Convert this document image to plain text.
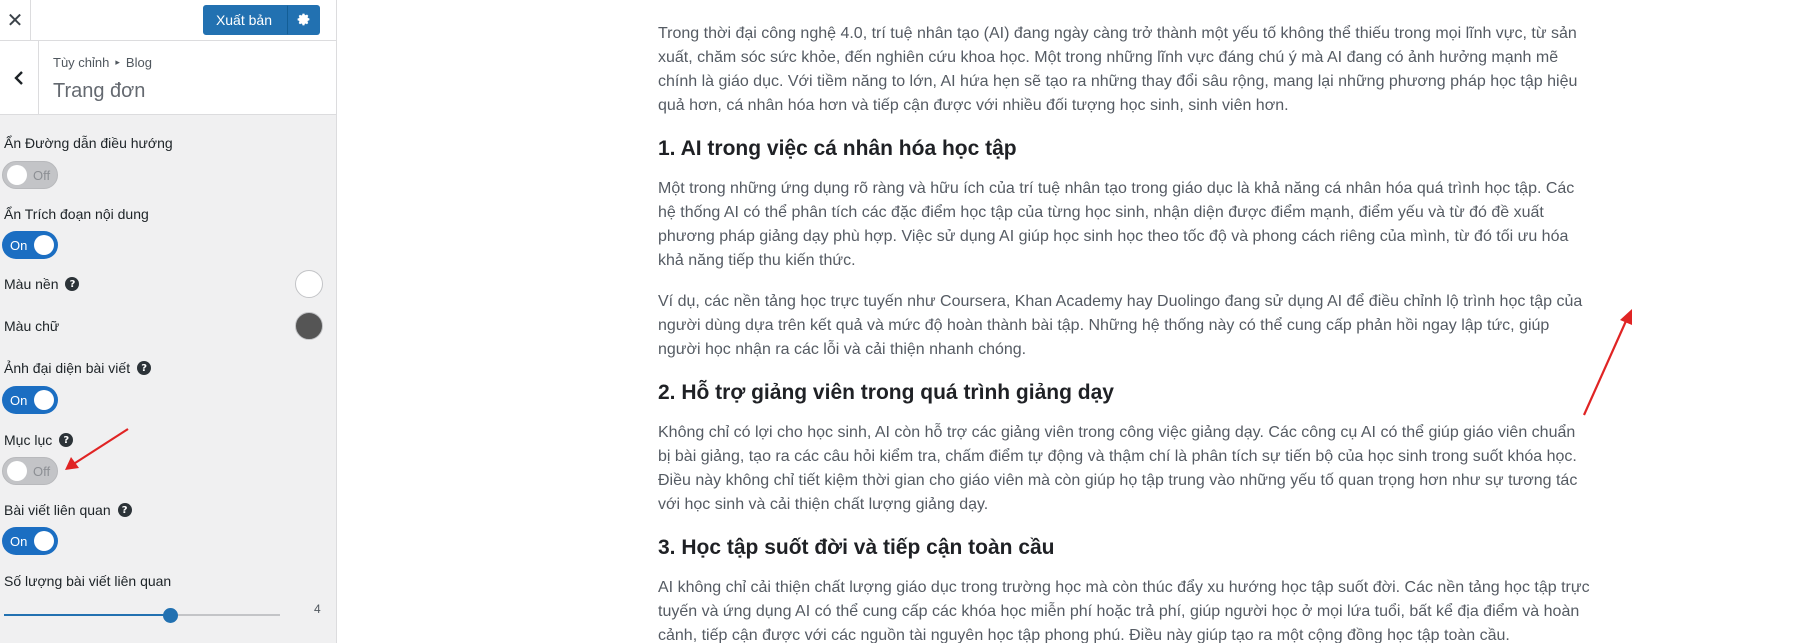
✕	Xuất bản
Tùy chỉnh ▸ Blog
Trang đơn
Ẩn Đường dẫn điều hướng
Off
Ẩn Trích đoạn nội dung
On
Màu nền	?
Màu chữ
Ảnh đại diện bài viết	?
On
Mục lục	?
Off
Bài viết liên quan	?
On
Số lượng bài viết liên quan
4

Trong thời đại công nghệ 4.0, trí tuệ nhân tạo (AI) đang ngày càng trở thành một yếu tố không thể thiếu trong mọi lĩnh vực, từ sản xuất, chăm sóc sức khỏe, đến nghiên cứu khoa học. Một trong những lĩnh vực đáng chú ý mà AI đang có ảnh hưởng mạnh mẽ chính là giáo dục. Với tiềm năng to lớn, AI hứa hẹn sẽ tạo ra những thay đổi sâu rộng, mang lại những phương pháp học tập hiệu quả hơn, cá nhân hóa hơn và tiếp cận được với nhiều đối tượng học sinh, sinh viên hơn.

1. AI trong việc cá nhân hóa học tập

Một trong những ứng dụng rõ ràng và hữu ích của trí tuệ nhân tạo trong giáo dục là khả năng cá nhân hóa quá trình học tập. Các hệ thống AI có thể phân tích các đặc điểm học tập của từng học sinh, nhận diện được điểm mạnh, điểm yếu và từ đó đề xuất phương pháp giảng dạy phù hợp. Việc sử dụng AI giúp học sinh học theo tốc độ và phong cách riêng của mình, từ đó tối ưu hóa khả năng tiếp thu kiến thức.

Ví dụ, các nền tảng học trực tuyến như Coursera, Khan Academy hay Duolingo đang sử dụng AI để điều chỉnh lộ trình học tập của người dùng dựa trên kết quả và mức độ hoàn thành bài tập. Những hệ thống này có thể cung cấp phản hồi ngay lập tức, giúp người học nhận ra các lỗi và cải thiện nhanh chóng.

2. Hỗ trợ giảng viên trong quá trình giảng dạy

Không chỉ có lợi cho học sinh, AI còn hỗ trợ các giảng viên trong công việc giảng dạy. Các công cụ AI có thể giúp giáo viên chuẩn bị bài giảng, tạo ra các câu hỏi kiểm tra, chấm điểm tự động và thậm chí là phân tích sự tiến bộ của học sinh trong suốt khóa học. Điều này không chỉ tiết kiệm thời gian cho giáo viên mà còn giúp họ tập trung vào những yếu tố quan trọng hơn như sự tương tác với học sinh và cải thiện chất lượng giảng dạy.

3. Học tập suốt đời và tiếp cận toàn cầu

AI không chỉ cải thiện chất lượng giáo dục trong trường học mà còn thúc đẩy xu hướng học tập suốt đời. Các nền tảng học tập trực tuyến và ứng dụng AI có thể cung cấp các khóa học miễn phí hoặc trả phí, giúp người học ở mọi lứa tuổi, bất kể địa điểm và hoàn cảnh, tiếp cận được với các nguồn tài nguyên học tập phong phú. Điều này giúp tạo ra một cộng đồng học tập toàn cầu.
